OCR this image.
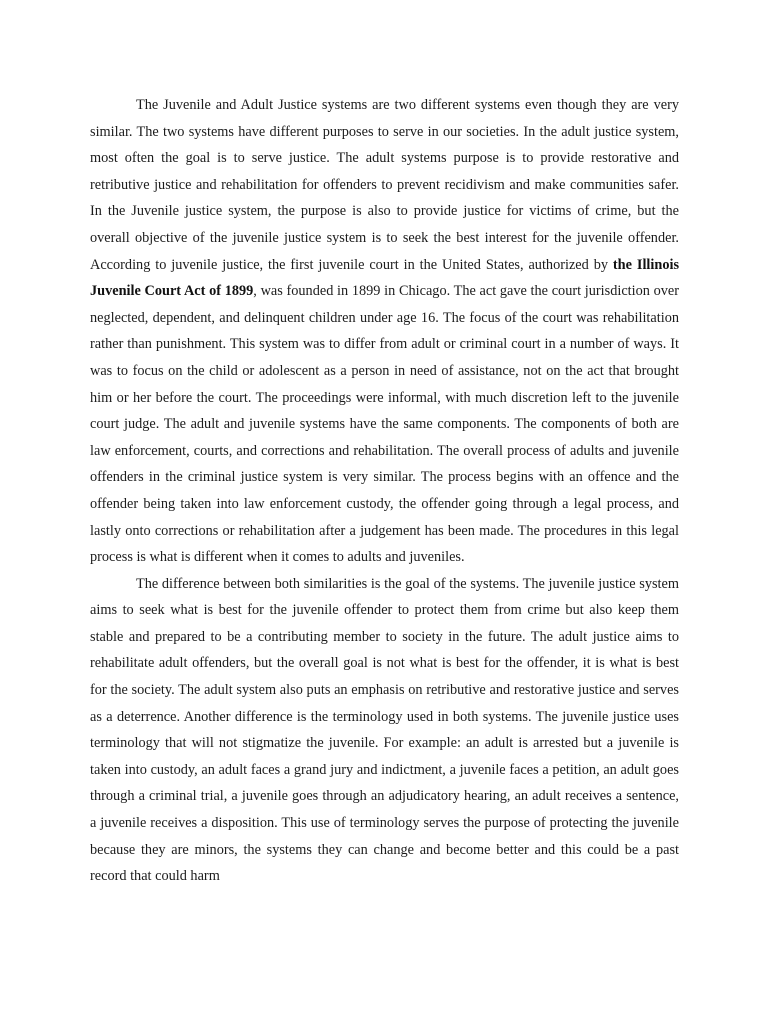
The Juvenile and Adult Justice systems are two different systems even though they are very similar. The two systems have different purposes to serve in our societies. In the adult justice system, most often the goal is to serve justice. The adult systems purpose is to provide restorative and retributive justice and rehabilitation for offenders to prevent recidivism and make communities safer. In the Juvenile justice system, the purpose is also to provide justice for victims of crime, but the overall objective of the juvenile justice system is to seek the best interest for the juvenile offender. According to juvenile justice, the first juvenile court in the United States, authorized by the Illinois Juvenile Court Act of 1899, was founded in 1899 in Chicago. The act gave the court jurisdiction over neglected, dependent, and delinquent children under age 16. The focus of the court was rehabilitation rather than punishment. This system was to differ from adult or criminal court in a number of ways. It was to focus on the child or adolescent as a person in need of assistance, not on the act that brought him or her before the court. The proceedings were informal, with much discretion left to the juvenile court judge. The adult and juvenile systems have the same components. The components of both are law enforcement, courts, and corrections and rehabilitation. The overall process of adults and juvenile offenders in the criminal justice system is very similar. The process begins with an offence and the offender being taken into law enforcement custody, the offender going through a legal process, and lastly onto corrections or rehabilitation after a judgement has been made. The procedures in this legal process is what is different when it comes to adults and juveniles.

The difference between both similarities is the goal of the systems. The juvenile justice system aims to seek what is best for the juvenile offender to protect them from crime but also keep them stable and prepared to be a contributing member to society in the future. The adult justice aims to rehabilitate adult offenders, but the overall goal is not what is best for the offender, it is what is best for the society. The adult system also puts an emphasis on retributive and restorative justice and serves as a deterrence. Another difference is the terminology used in both systems. The juvenile justice uses terminology that will not stigmatize the juvenile. For example: an adult is arrested but a juvenile is taken into custody, an adult faces a grand jury and indictment, a juvenile faces a petition, an adult goes through a criminal trial, a juvenile goes through an adjudicatory hearing, an adult receives a sentence, a juvenile receives a disposition. This use of terminology serves the purpose of protecting the juvenile because they are minors, the systems they can change and become better and this could be a past record that could harm
